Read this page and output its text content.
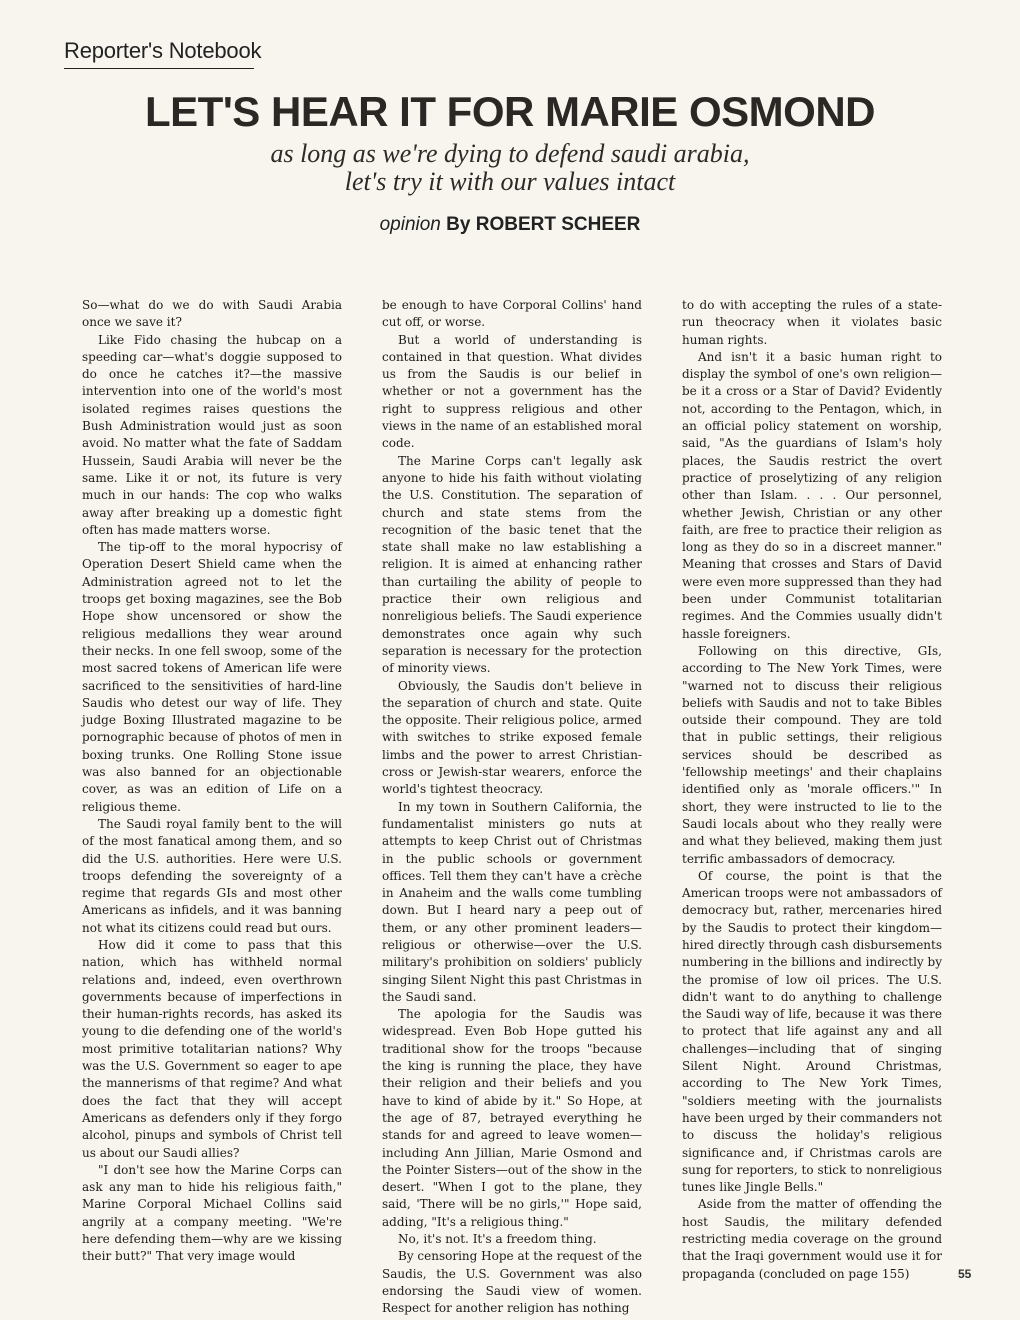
Reporter's Notebook
LET'S HEAR IT FOR MARIE OSMOND
as long as we're dying to defend saudi arabia,
let's try it with our values intact
opinion By ROBERT SCHEER

So—what do we do with Saudi Arabia once we save it?

Like Fido chasing the hubcap on a speeding car—what's doggie supposed to do once he catches it?—the massive intervention into one of the world's most isolated regimes raises questions the Bush Administration would just as soon avoid. No matter what the fate of Saddam Hussein, Saudi Arabia will never be the same. Like it or not, its future is very much in our hands: The cop who walks away after breaking up a domestic fight often has made matters worse.

The tip-off to the moral hypocrisy of Operation Desert Shield came when the Administration agreed not to let the troops get boxing magazines, see the Bob Hope show uncensored or show the religious medallions they wear around their necks. In one fell swoop, some of the most sacred tokens of American life were sacrificed to the sensitivities of hard-line Saudis who detest our way of life. They judge Boxing Illustrated magazine to be pornographic because of photos of men in boxing trunks. One Rolling Stone issue was also banned for an objectionable cover, as was an edition of Life on a religious theme.

The Saudi royal family bent to the will of the most fanatical among them, and so did the U.S. authorities. Here were U.S. troops defending the sovereignty of a regime that regards GIs and most other Americans as infidels, and it was banning not what its citizens could read but ours.

How did it come to pass that this nation, which has withheld normal relations and, indeed, even overthrown governments because of imperfections in their human-rights records, has asked its young to die defending one of the world's most primitive totalitarian nations? Why was the U.S. Government so eager to ape the mannerisms of that regime? And what does the fact that they will accept Americans as defenders only if they forgo alcohol, pinups and symbols of Christ tell us about our Saudi allies?

"I don't see how the Marine Corps can ask any man to hide his religious faith," Marine Corporal Michael Collins said angrily at a company meeting. "We're here defending them—why are we kissing their butt?" That very image would

be enough to have Corporal Collins' hand cut off, or worse.

But a world of understanding is contained in that question. What divides us from the Saudis is our belief in whether or not a government has the right to suppress religious and other views in the name of an established moral code.

The Marine Corps can't legally ask anyone to hide his faith without violating the U.S. Constitution. The separation of church and state stems from the recognition of the basic tenet that the state shall make no law establishing a religion. It is aimed at enhancing rather than curtailing the ability of people to practice their own religious and nonreligious beliefs. The Saudi experience demonstrates once again why such separation is necessary for the protection of minority views.

Obviously, the Saudis don't believe in the separation of church and state. Quite the opposite. Their religious police, armed with switches to strike exposed female limbs and the power to arrest Christian-cross or Jewish-star wearers, enforce the world's tightest theocracy.

In my town in Southern California, the fundamentalist ministers go nuts at attempts to keep Christ out of Christmas in the public schools or government offices. Tell them they can't have a crèche in Anaheim and the walls come tumbling down. But I heard nary a peep out of them, or any other prominent leaders—religious or otherwise—over the U.S. military's prohibition on soldiers' publicly singing Silent Night this past Christmas in the Saudi sand.

The apologia for the Saudis was widespread. Even Bob Hope gutted his traditional show for the troops "because the king is running the place, they have their religion and their beliefs and you have to kind of abide by it." So Hope, at the age of 87, betrayed everything he stands for and agreed to leave women—including Ann Jillian, Marie Osmond and the Pointer Sisters—out of the show in the desert. "When I got to the plane, they said, 'There will be no girls,'" Hope said, adding, "It's a religious thing."

No, it's not. It's a freedom thing.

By censoring Hope at the request of the Saudis, the U.S. Government was also endorsing the Saudi view of women. Respect for another religion has nothing

to do with accepting the rules of a state-run theocracy when it violates basic human rights.

And isn't it a basic human right to display the symbol of one's own religion—be it a cross or a Star of David? Evidently not, according to the Pentagon, which, in an official policy statement on worship, said, "As the guardians of Islam's holy places, the Saudis restrict the overt practice of proselytizing of any religion other than Islam. . . . Our personnel, whether Jewish, Christian or any other faith, are free to practice their religion as long as they do so in a discreet manner." Meaning that crosses and Stars of David were even more suppressed than they had been under Communist totalitarian regimes. And the Commies usually didn't hassle foreigners.

Following on this directive, GIs, according to The New York Times, were "warned not to discuss their religious beliefs with Saudis and not to take Bibles outside their compound. They are told that in public settings, their religious services should be described as 'fellowship meetings' and their chaplains identified only as 'morale officers.'" In short, they were instructed to lie to the Saudi locals about who they really were and what they believed, making them just terrific ambassadors of democracy.

Of course, the point is that the American troops were not ambassadors of democracy but, rather, mercenaries hired by the Saudis to protect their kingdom—hired directly through cash disbursements numbering in the billions and indirectly by the promise of low oil prices. The U.S. didn't want to do anything to challenge the Saudi way of life, because it was there to protect that life against any and all challenges—including that of singing Silent Night. Around Christmas, according to The New York Times, "soldiers meeting with the journalists have been urged by their commanders not to discuss the holiday's religious significance and, if Christmas carols are sung for reporters, to stick to nonreligious tunes like Jingle Bells."

Aside from the matter of offending the host Saudis, the military defended restricting media coverage on the ground that the Iraqi government would use it for propaganda (concluded on page 155)	55
